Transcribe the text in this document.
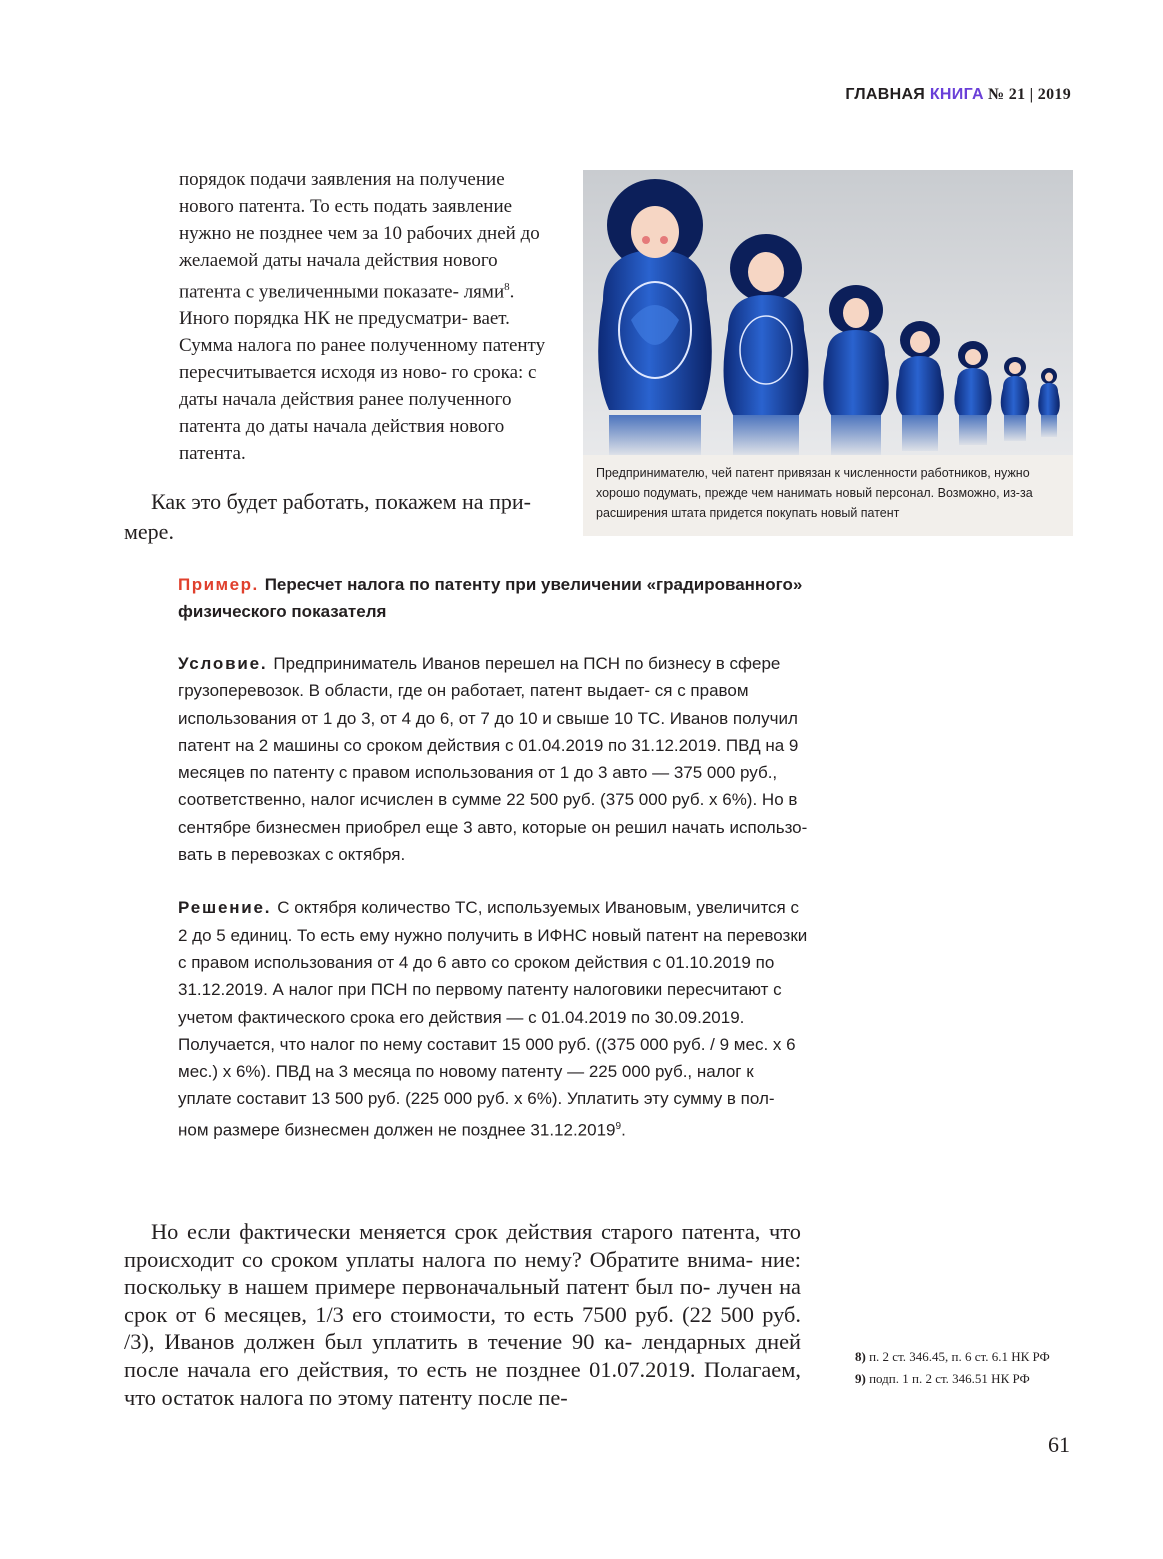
ГЛАВНАЯ КНИГА № 21 | 2019

порядок подачи заявления на получение нового патента. То есть подать заявление нужно не позднее чем за 10 рабочих дней до желаемой даты начала действия нового патента с увеличенными показате- лями$^8$. Иного порядка НК не предусматри- вает. Сумма налога по ранее полученному патенту пересчитывается исходя из ново- го срока: с даты начала действия ранее полученного патента до даты начала действия нового патента.

Как это будет работать, покажем на при- мере.

Предпринимателю, чей патент привязан к численности работников, нужно хорошо подумать, прежде чем нанимать новый персонал. Возможно, из-за расширения штата придется покупать новый патент

Пример. Пересчет налога по патенту при увеличении «градированного» физического показателя

Условие. Предприниматель Иванов перешел на ПСН по бизнесу в сфере грузоперевозок. В области, где он работает, патент выдает- ся с правом использования от 1 до 3, от 4 до 6, от 7 до 10 и свыше 10 ТС. Иванов получил патент на 2 машины со сроком действия с 01.04.2019 по 31.12.2019. ПВД на 9 месяцев по патенту с правом использования от 1 до 3 авто — 375 000 руб., соответственно, налог исчислен в сумме 22 500 руб. (375 000 руб. х 6%). Но в сентябре бизнесмен приобрел еще 3 авто, которые он решил начать использо- вать в перевозках с октября.

Решение. С октября количество ТС, используемых Ивановым, увеличится с 2 до 5 единиц. То есть ему нужно получить в ИФНС новый патент на перевозки с правом использования от 4 до 6 авто со сроком действия с 01.10.2019 по 31.12.2019. А налог при ПСН по первому патенту налоговики пересчитают с учетом фактического срока его действия — с 01.04.2019 по 30.09.2019. Получается, что налог по нему составит 15 000 руб. ((375 000 руб. / 9 мес. х 6 мес.) х 6%). ПВД на 3 месяца по новому патенту — 225 000 руб., налог к уплате составит 13 500 руб. (225 000 руб. х 6%). Уплатить эту сумму в пол- ном размере бизнесмен должен не позднее 31.12.2019$^9$.

Но если фактически меняется срок действия старого патента, что происходит со сроком уплаты налога по нему? Обратите внима- ние: поскольку в нашем примере первоначальный патент был по- лучен на срок от 6 месяцев, 1/3 его стоимости, то есть 7500 руб. (22 500 руб. /3), Иванов должен был уплатить в течение 90 ка- лендарных дней после начала его действия, то есть не позднее 01.07.2019. Полагаем, что остаток налога по этому патенту после пе-

8) п. 2 ст. 346.45, п. 6 ст. 6.1 НК РФ

9) подп. 1 п. 2 ст. 346.51 НК РФ

61
